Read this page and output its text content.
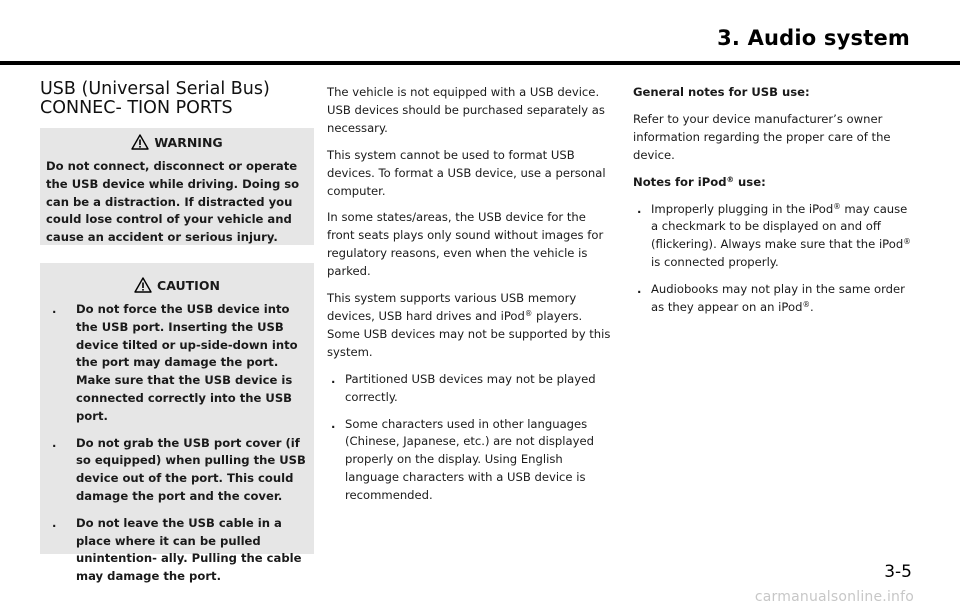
3. Audio system
USB (Universal Serial Bus) CONNEC- TION PORTS
WARNING

Do not connect, disconnect or operate the USB device while driving. Doing so can be a distraction. If distracted you could lose control of your vehicle and cause an accident or serious injury.

CAUTION
. Do not force the USB device into the USB port. Inserting the USB device tilted or up-side-down into the port may damage the port. Make sure that the USB device is connected correctly into the USB port.
. Do not grab the USB port cover (if so equipped) when pulling the USB device out of the port. This could damage the port and the cover.
. Do not leave the USB cable in a place where it can be pulled unintention- ally. Pulling the cable may damage the port.

The vehicle is not equipped with a USB device. USB devices should be purchased separately as necessary.

This system cannot be used to format USB devices. To format a USB device, use a personal computer.

In some states/areas, the USB device for the front seats plays only sound without images for regulatory reasons, even when the vehicle is parked.

This system supports various USB memory devices, USB hard drives and iPod® players. Some USB devices may not be supported by this system.

. Partitioned USB devices may not be played correctly.
. Some characters used in other languages (Chinese, Japanese, etc.) are not displayed properly on the display. Using English language characters with a USB device is recommended.

General notes for USB use:

Refer to your device manufacturer’s owner information regarding the proper care of the device.

Notes for iPod® use:

. Improperly plugging in the iPod® may cause a checkmark to be displayed on and off (flickering). Always make sure that the iPod® is connected properly.
. Audiobooks may not play in the same order as they appear on an iPod®.

3-5

carmanualsonline.info
